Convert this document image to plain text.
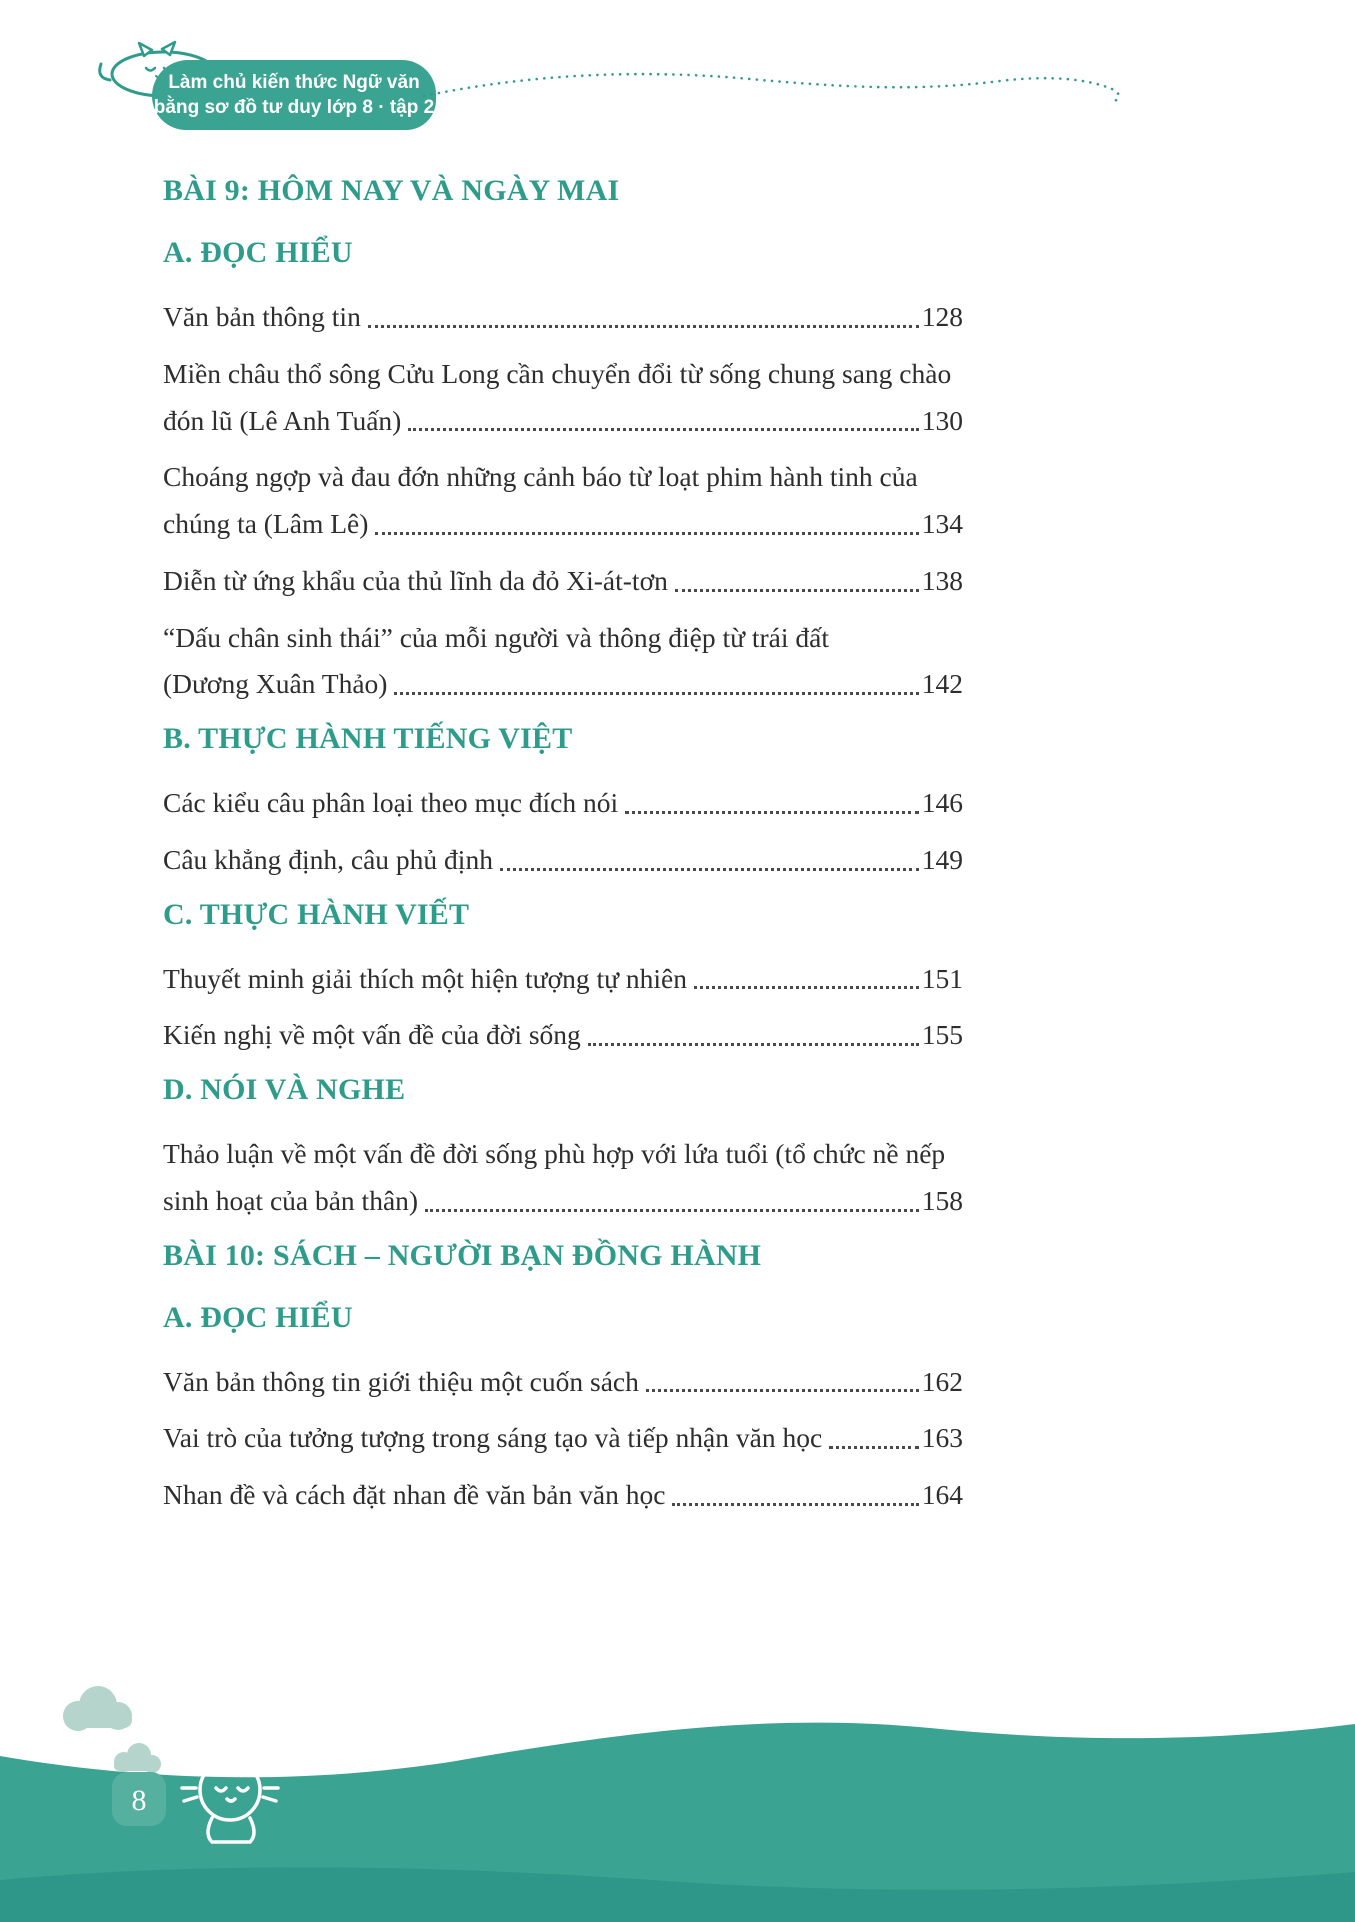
Làm chủ kiến thức Ngữ văn
bằng sơ đồ tư duy lớp 8 · tập 2
BÀI 9: HÔM NAY VÀ NGÀY MAI
A. ĐỌC HIỂU
Văn bản thông tin	128
Miền châu thổ sông Cửu Long cần chuyển đổi từ sống chung sang chào
đón lũ (Lê Anh Tuấn)	130
Choáng ngợp và đau đớn những cảnh báo từ loạt phim hành tinh của
chúng ta (Lâm Lê)	134
Diễn từ ứng khẩu của thủ lĩnh da đỏ Xi-át-tơn	138
“Dấu chân sinh thái” của mỗi người và thông điệp từ trái đất
(Dương Xuân Thảo)	142
B. THỰC HÀNH TIẾNG VIỆT
Các kiểu câu phân loại theo mục đích nói	146
Câu khẳng định, câu phủ định	149
C. THỰC HÀNH VIẾT
Thuyết minh giải thích một hiện tượng tự nhiên	151
Kiến nghị về một vấn đề của đời sống	155
D. NÓI VÀ NGHE
Thảo luận về một vấn đề đời sống phù hợp với lứa tuổi (tổ chức nề nếp
sinh hoạt của bản thân)	158
BÀI 10: SÁCH – NGƯỜI BẠN ĐỒNG HÀNH
A. ĐỌC HIỂU
Văn bản thông tin giới thiệu một cuốn sách	162
Vai trò của tưởng tượng trong sáng tạo và tiếp nhận văn học	163
Nhan đề và cách đặt nhan đề văn bản văn học	164
8
